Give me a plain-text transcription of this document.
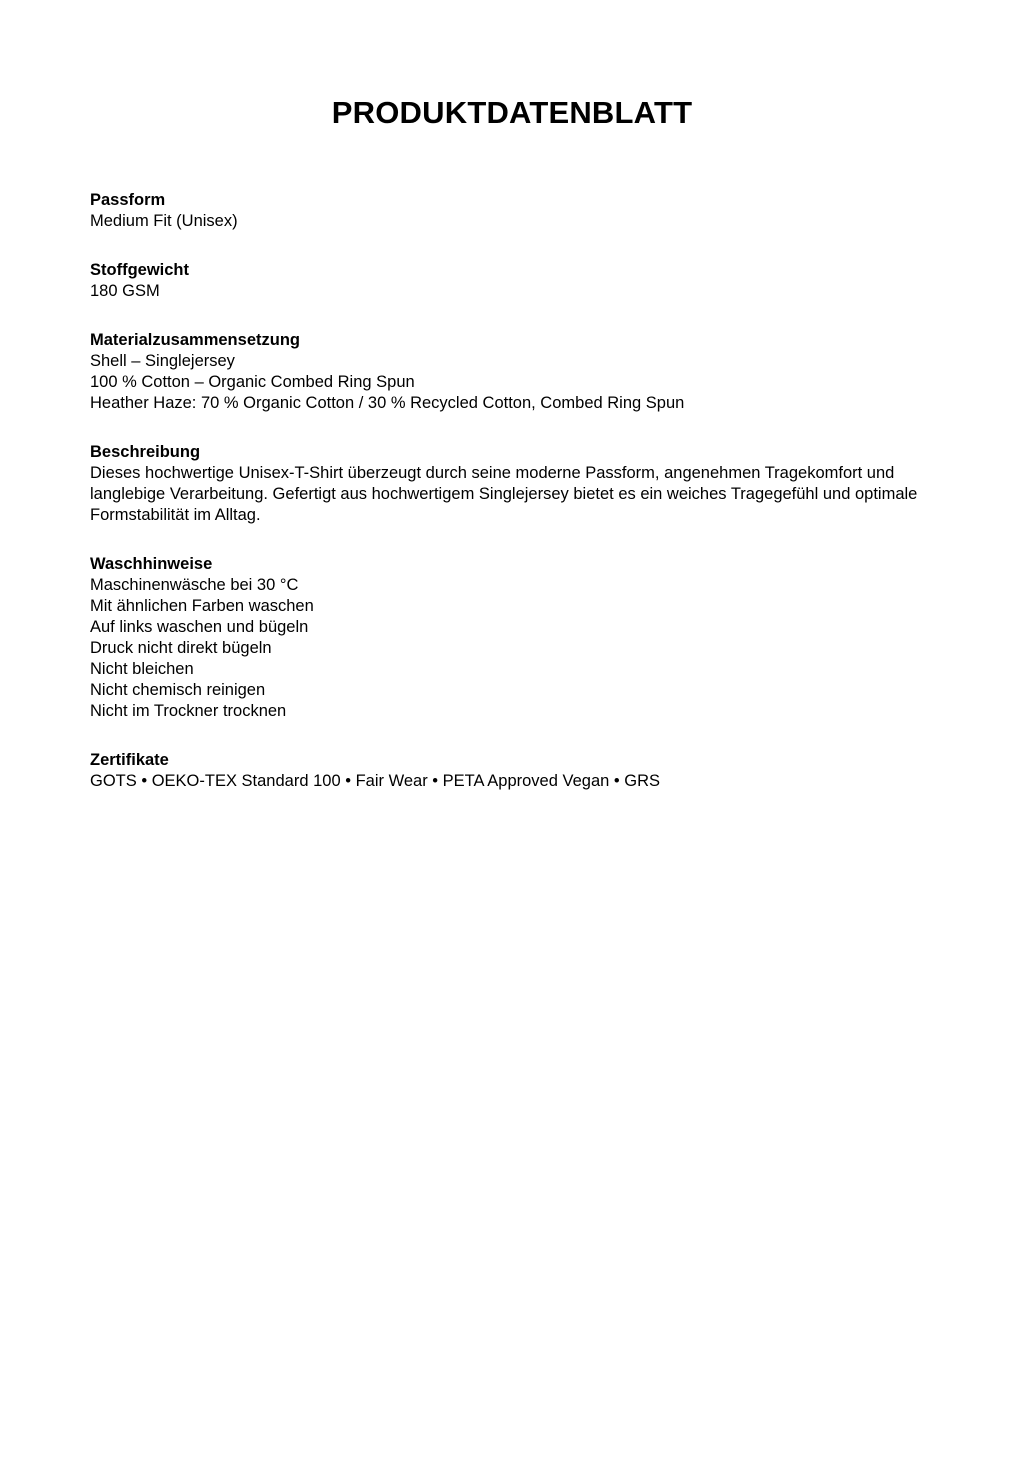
PRODUKTDATENBLATT

Passform

Medium Fit (Unisex)

Stoffgewicht

180 GSM

Materialzusammensetzung

Shell – Singlejersey

100 % Cotton – Organic Combed Ring Spun

Heather Haze: 70 % Organic Cotton / 30 % Recycled Cotton, Combed Ring Spun

Beschreibung

Dieses hochwertige Unisex-T-Shirt überzeugt durch seine moderne Passform, angenehmen Tragekomfort und langlebige Verarbeitung. Gefertigt aus hochwertigem Singlejersey bietet es ein weiches Tragegefühl und optimale Formstabilität im Alltag.

Waschhinweise

Maschinenwäsche bei 30 °C

Mit ähnlichen Farben waschen

Auf links waschen und bügeln

Druck nicht direkt bügeln

Nicht bleichen

Nicht chemisch reinigen

Nicht im Trockner trocknen

Zertifikate

GOTS • OEKO-TEX Standard 100 • Fair Wear • PETA Approved Vegan • GRS
